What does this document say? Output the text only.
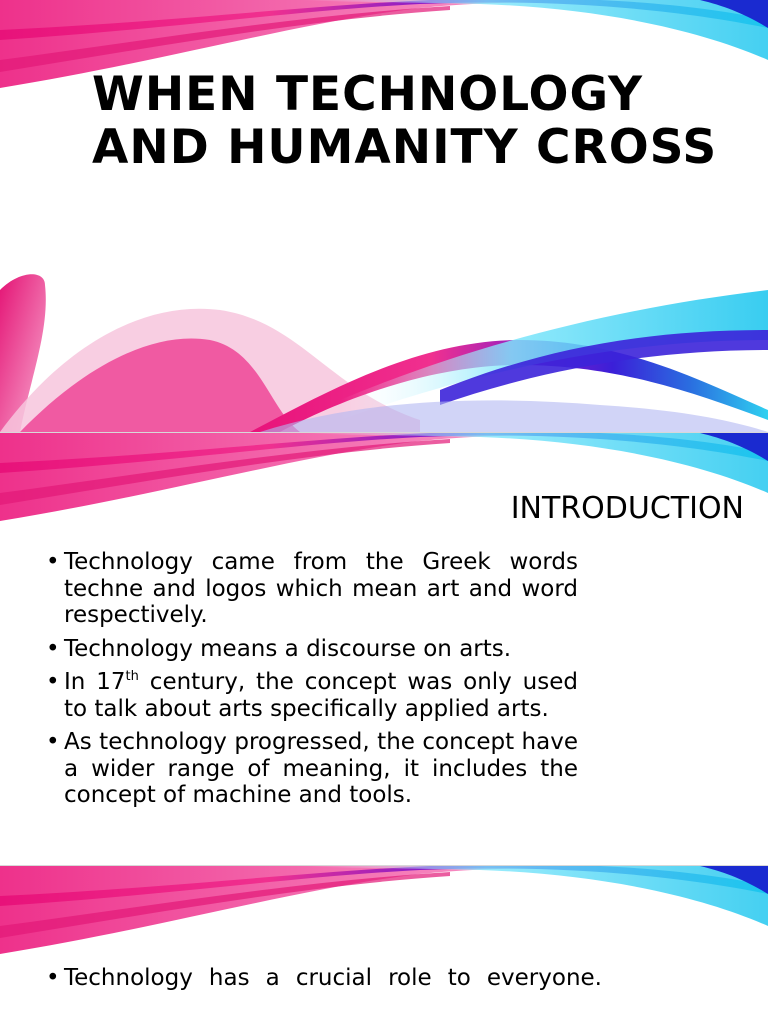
WHEN TECHNOLOGY AND HUMANITY CROSS
INTRODUCTION
• Technology came from the Greek words techne and logos which mean art and word respectively.
• Technology means a discourse on arts.
• In 17th century, the concept was only used to talk about arts specifically applied arts.
• As technology progressed, the concept have a wider range of meaning, it includes the concept of machine and tools.
• Technology has a crucial role to everyone.
